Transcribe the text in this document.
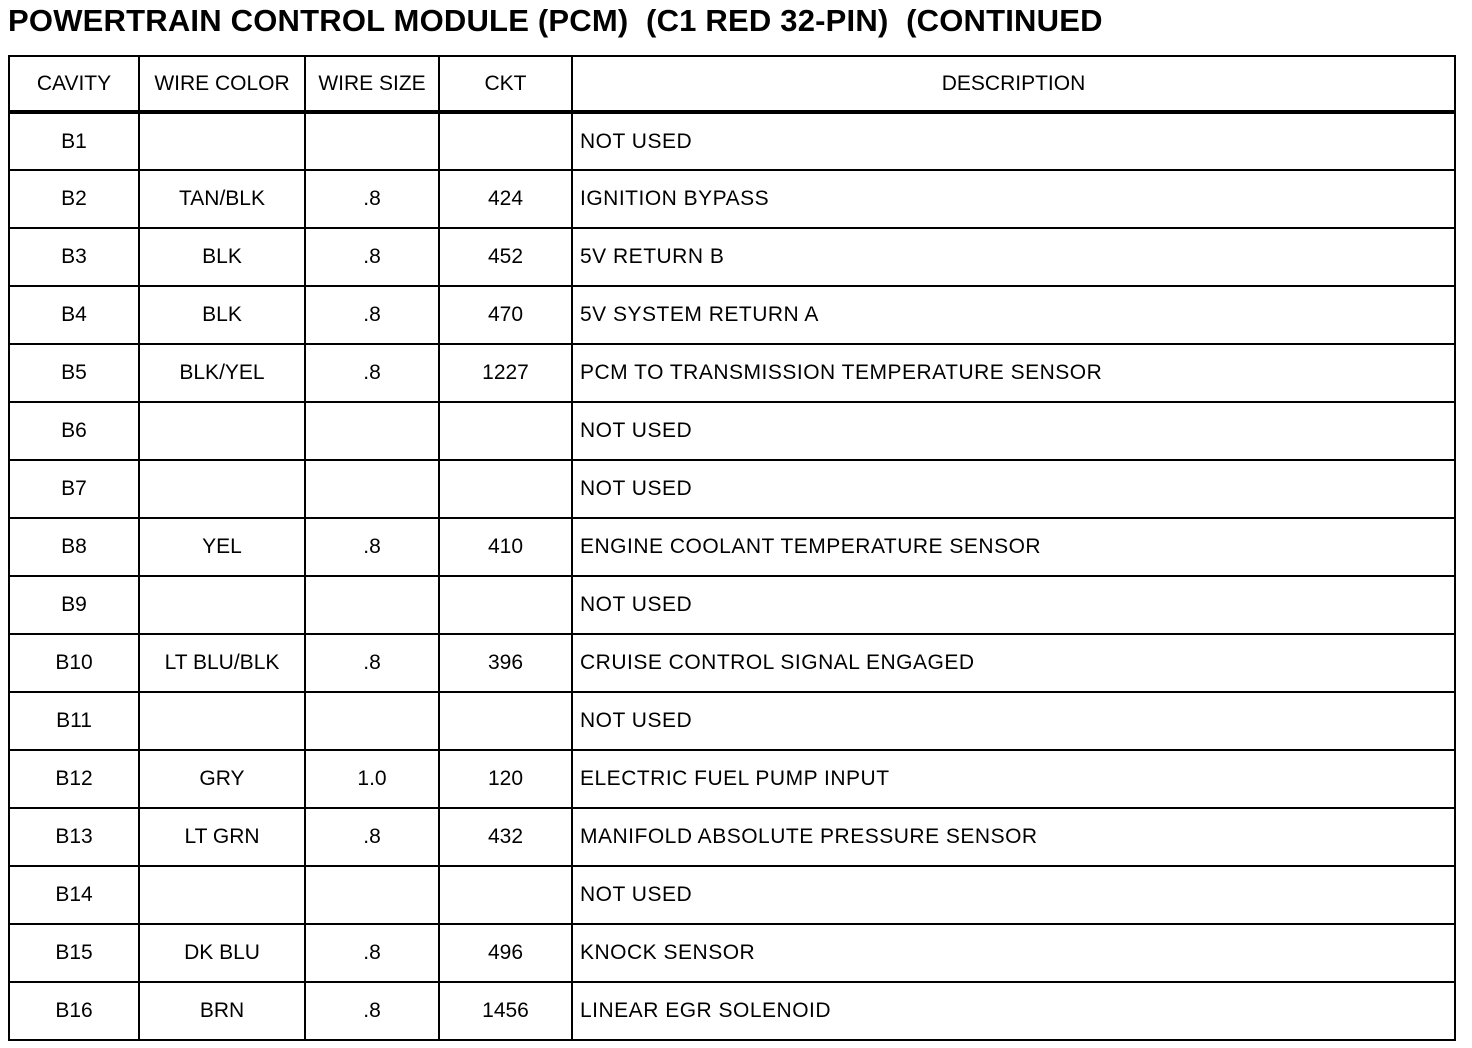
POWERTRAIN CONTROL MODULE (PCM)  (C1 RED 32-PIN)  (CONTINUED
CAVITY	WIRE COLOR	WIRE SIZE	CKT	DESCRIPTION
B1				NOT USED
B2	TAN/BLK	.8	424	IGNITION BYPASS
B3	BLK	.8	452	5V RETURN B
B4	BLK	.8	470	5V SYSTEM RETURN A
B5	BLK/YEL	.8	1227	PCM TO TRANSMISSION TEMPERATURE SENSOR
B6				NOT USED
B7				NOT USED
B8	YEL	.8	410	ENGINE COOLANT TEMPERATURE SENSOR
B9				NOT USED
B10	LT BLU/BLK	.8	396	CRUISE CONTROL SIGNAL ENGAGED
B11				NOT USED
B12	GRY	1.0	120	ELECTRIC FUEL PUMP INPUT
B13	LT GRN	.8	432	MANIFOLD ABSOLUTE PRESSURE SENSOR
B14				NOT USED
B15	DK BLU	.8	496	KNOCK SENSOR
B16	BRN	.8	1456	LINEAR EGR SOLENOID
